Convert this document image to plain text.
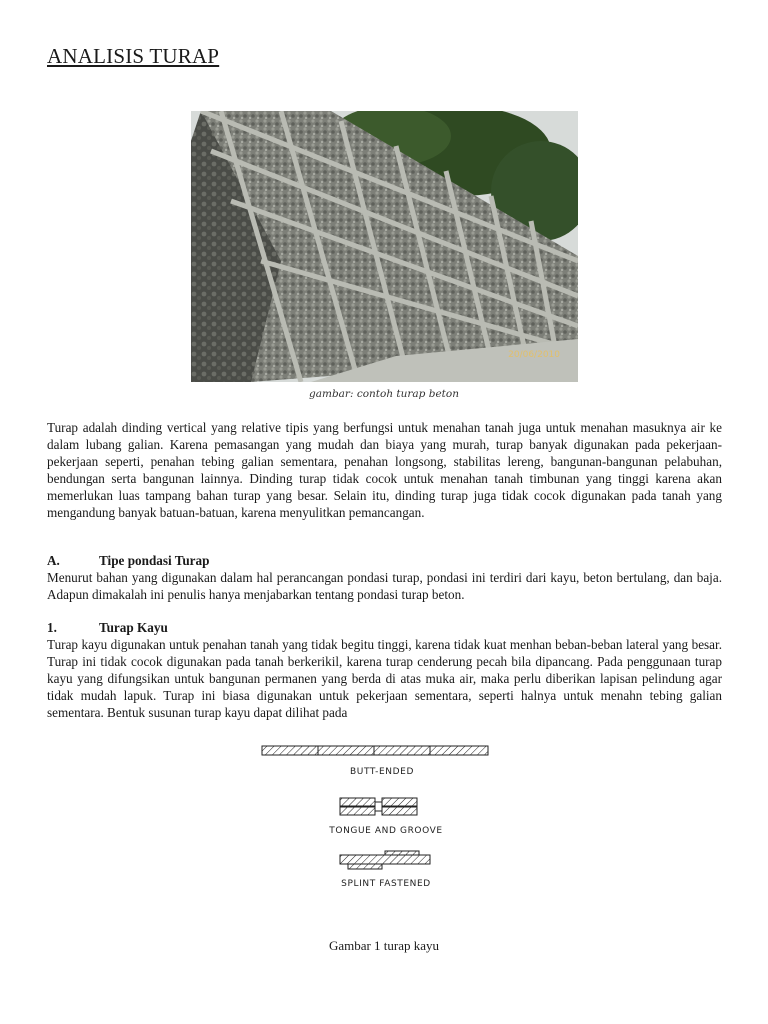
ANALISIS TURAP
20/06/2010
gambar: contoh turap beton

Turap adalah dinding vertical yang relative tipis yang berfungsi untuk menahan tanah juga untuk menahan masuknya air ke dalam lubang galian. Karena pemasangan yang mudah dan biaya yang murah, turap banyak digunakan pada pekerjaan-pekerjaan seperti, penahan tebing galian sementara, penahan longsong, stabilitas lereng, bangunan-bangunan pelabuhan, bendungan serta bangunan lainnya. Dinding turap tidak cocok untuk menahan tanah timbunan yang tinggi karena akan memerlukan luas tampang bahan turap yang besar. Selain itu, dinding turap juga tidak cocok digunakan pada tanah yang mengandung banyak batuan-batuan, karena menyulitkan pemancangan.

A.	Tipe pondasi Turap

Menurut bahan yang digunakan dalam hal perancangan pondasi turap, pondasi ini terdiri dari kayu, beton bertulang, dan baja. Adapun dimakalah ini penulis hanya menjabarkan tentang pondasi turap beton.

1.	Turap Kayu

Turap kayu digunakan untuk penahan tanah yang tidak begitu tinggi, karena tidak kuat menhan beban-beban lateral yang besar. Turap ini tidak cocok digunakan pada tanah berkerikil, karena turap cenderung pecah bila dipancang. Pada penggunaan turap kayu yang difungsikan untuk bangunan permanen yang berda di atas muka air, maka perlu diberikan lapisan pelindung agar tidak mudah lapuk. Turap ini biasa digunakan untuk pekerjaan sementara, seperti halnya untuk menahn tebing galian sementara. Bentuk susunan turap kayu dapat dilihat pada

BUTT-ENDED
TONGUE AND GROOVE
SPLINT FASTENED
Gambar 1 turap kayu
